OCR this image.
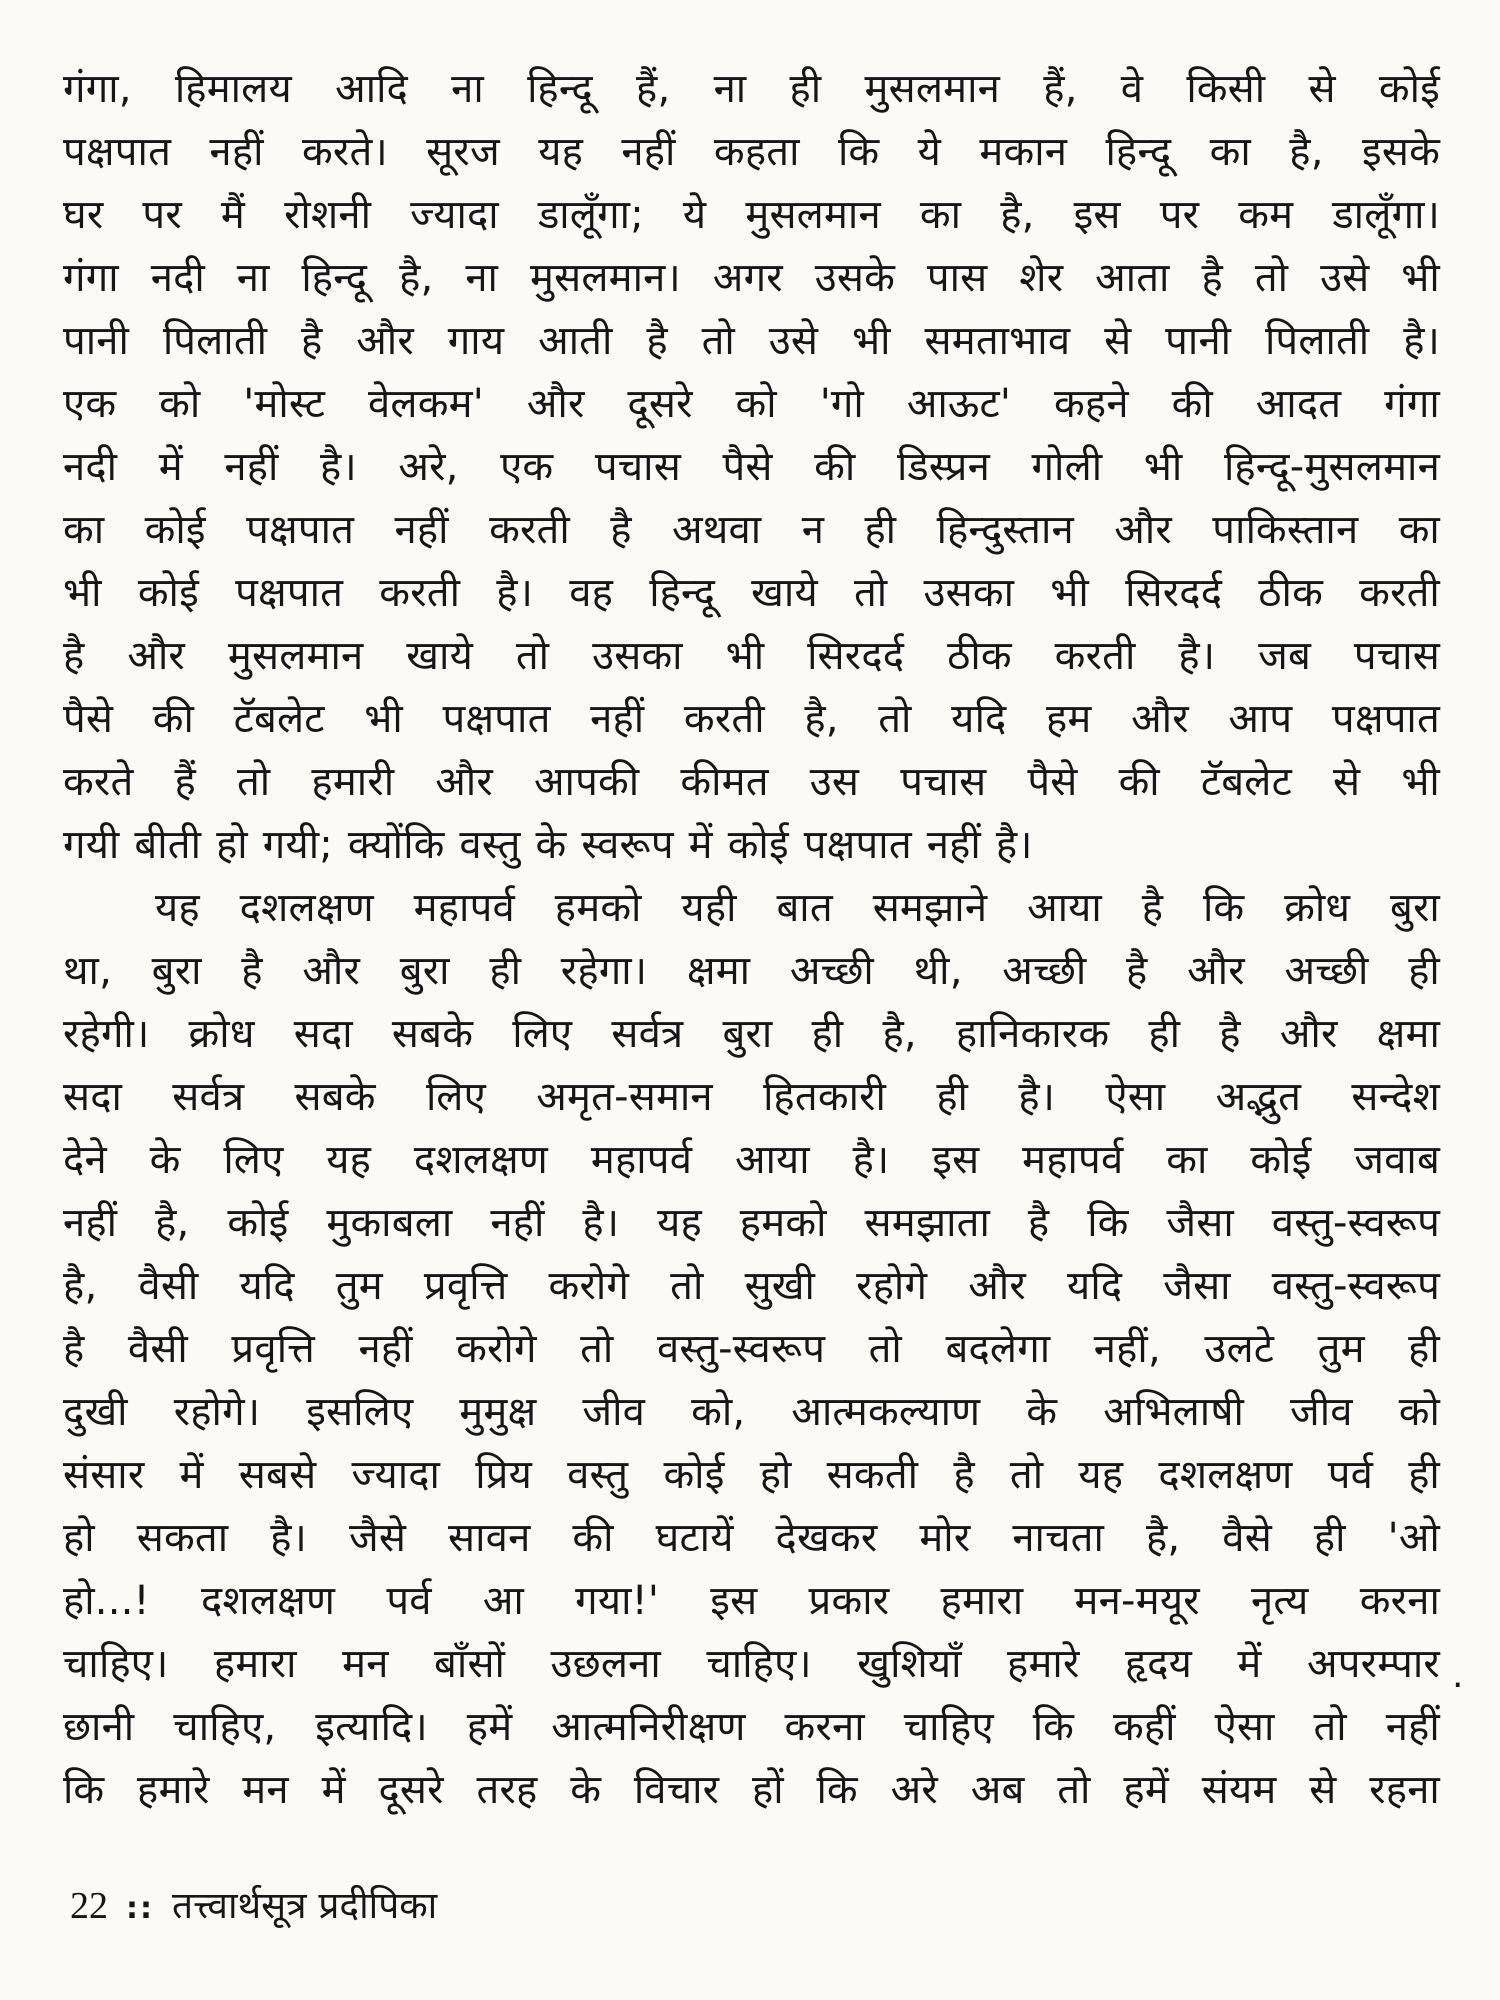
गंगा, हिमालय आदि ना हिन्दू हैं, ना ही मुसलमान हैं, वे किसी से कोई
पक्षपात नहीं करते। सूरज यह नहीं कहता कि ये मकान हिन्दू का है, इसके
घर पर मैं रोशनी ज्यादा डालूँगा; ये मुसलमान का है, इस पर कम डालूँगा।
गंगा नदी ना हिन्दू है, ना मुसलमान। अगर उसके पास शेर आता है तो उसे भी
पानी पिलाती है और गाय आती है तो उसे भी समताभाव से पानी पिलाती है।
एक को 'मोस्ट वेलकम' और दूसरे को 'गो आऊट' कहने की आदत गंगा
नदी में नहीं है। अरे, एक पचास पैसे की डिस्प्रन गोली भी हिन्दू-मुसलमान
का कोई पक्षपात नहीं करती है अथवा न ही हिन्दुस्तान और पाकिस्तान का
भी कोई पक्षपात करती है। वह हिन्दू खाये तो उसका भी सिरदर्द ठीक करती
है और मुसलमान खाये तो उसका भी सिरदर्द ठीक करती है। जब पचास
पैसे की टॅबलेट भी पक्षपात नहीं करती है, तो यदि हम और आप पक्षपात
करते हैं तो हमारी और आपकी कीमत उस पचास पैसे की टॅबलेट से भी
गयी बीती हो गयी; क्योंकि वस्तु के स्वरूप में कोई पक्षपात नहीं है।
यह दशलक्षण महापर्व हमको यही बात समझाने आया है कि क्रोध बुरा
था, बुरा है और बुरा ही रहेगा। क्षमा अच्छी थी, अच्छी है और अच्छी ही
रहेगी। क्रोध सदा सबके लिए सर्वत्र बुरा ही है, हानिकारक ही है और क्षमा
सदा सर्वत्र सबके लिए अमृत-समान हितकारी ही है। ऐसा अद्भुत सन्देश
देने के लिए यह दशलक्षण महापर्व आया है। इस महापर्व का कोई जवाब
नहीं है, कोई मुकाबला नहीं है। यह हमको समझाता है कि जैसा वस्तु-स्वरूप
है, वैसी यदि तुम प्रवृत्ति करोगे तो सुखी रहोगे और यदि जैसा वस्तु-स्वरूप
है वैसी प्रवृत्ति नहीं करोगे तो वस्तु-स्वरूप तो बदलेगा नहीं, उलटे तुम ही
दुखी रहोगे। इसलिए मुमुक्ष जीव को, आत्मकल्याण के अभिलाषी जीव को
संसार में सबसे ज्यादा प्रिय वस्तु कोई हो सकती है तो यह दशलक्षण पर्व ही
हो सकता है। जैसे सावन की घटायें देखकर मोर नाचता है, वैसे ही 'ओ
हो...! दशलक्षण पर्व आ गया!' इस प्रकार हमारा मन-मयूर नृत्य करना
चाहिए। हमारा मन बाँसों उछलना चाहिए। खुशियाँ हमारे हृदय में अपरम्पार
छानी चाहिए, इत्यादि। हमें आत्मनिरीक्षण करना चाहिए कि कहीं ऐसा तो नहीं
कि हमारे मन में दूसरे तरह के विचार हों कि अरे अब तो हमें संयम से रहना
.
22 :: तत्त्वार्थसूत्र प्रदीपिका
